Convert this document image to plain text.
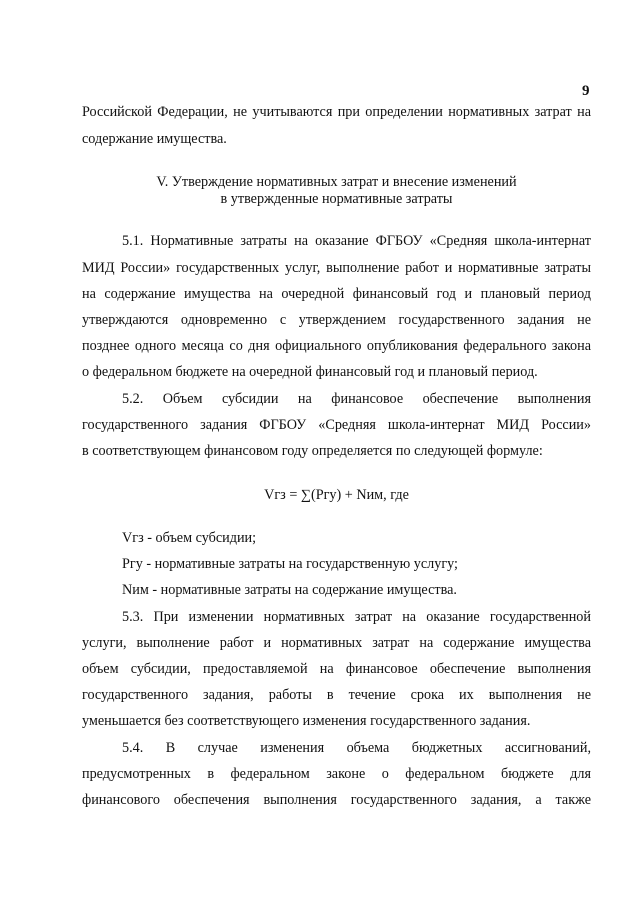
9
Российской Федерации, не учитываются при определении нормативных затрат на
содержание имущества.
V. Утверждение нормативных затрат и внесение изменений
в утвержденные нормативные затраты
5.1. Нормативные затраты на оказание ФГБОУ «Средняя школа-интернат
МИД России» государственных услуг, выполнение работ и нормативные затраты
на содержание имущества на очередной финансовый год и плановый период
утверждаются одновременно с утверждением государственного задания не
позднее одного месяца со дня официального опубликования федерального закона
о федеральном бюджете на очередной финансовый год и плановый период.
5.2. Объем субсидии на финансовое обеспечение выполнения
государственного задания ФГБОУ «Средняя школа-интернат МИД России»
в соответствующем финансовом году определяется по следующей формуле:
Vгз = ∑(Pгу) + Nим, где
Vгз - объем субсидии;
Pгу - нормативные затраты на государственную услугу;
Nим - нормативные затраты на содержание имущества.
5.3. При изменении нормативных затрат на оказание государственной
услуги, выполнение работ и нормативных затрат на содержание имущества
объем субсидии, предоставляемой на финансовое обеспечение выполнения
государственного задания, работы в течение срока их выполнения не
уменьшается без соответствующего изменения государственного задания.
5.4. В случае изменения объема бюджетных ассигнований,
предусмотренных в федеральном законе о федеральном бюджете для
финансового обеспечения выполнения государственного задания, а также
